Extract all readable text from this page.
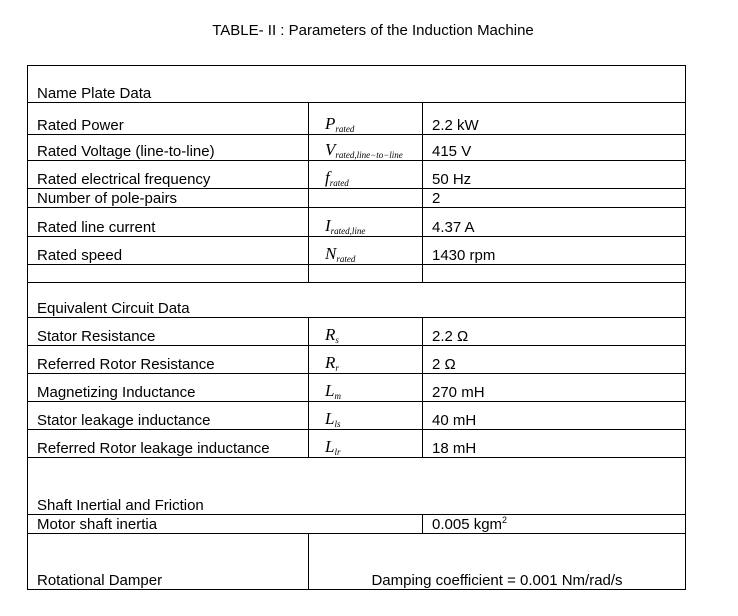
TABLE- II : Parameters of the Induction Machine
Name Plate Data		
Rated Power	$P_{rated}$	2.2 kW
Rated Voltage (line-to-line)	$V_{rated,line-to-line}$	415 V
Rated electrical frequency	$f_{rated}$	50 Hz
Number of pole-pairs		2
Rated line current	$I_{rated,line}$	4.37 A
Rated speed	$N_{rated}$	1430 rpm

Equivalent Circuit Data		
Stator Resistance	$R_s$	2.2 Ω
Referred Rotor Resistance	$R_r$	2 Ω
Magnetizing Inductance	$L_m$	270 mH
Stator leakage inductance	$L_{ls}$	40 mH
Referred Rotor leakage inductance	$L_{lr}$	18 mH
Shaft Inertial and Friction		
Motor shaft inertia		0.005 kgm$^2$
Rotational Damper	Damping coefficient = 0.001 Nm/rad/s	
